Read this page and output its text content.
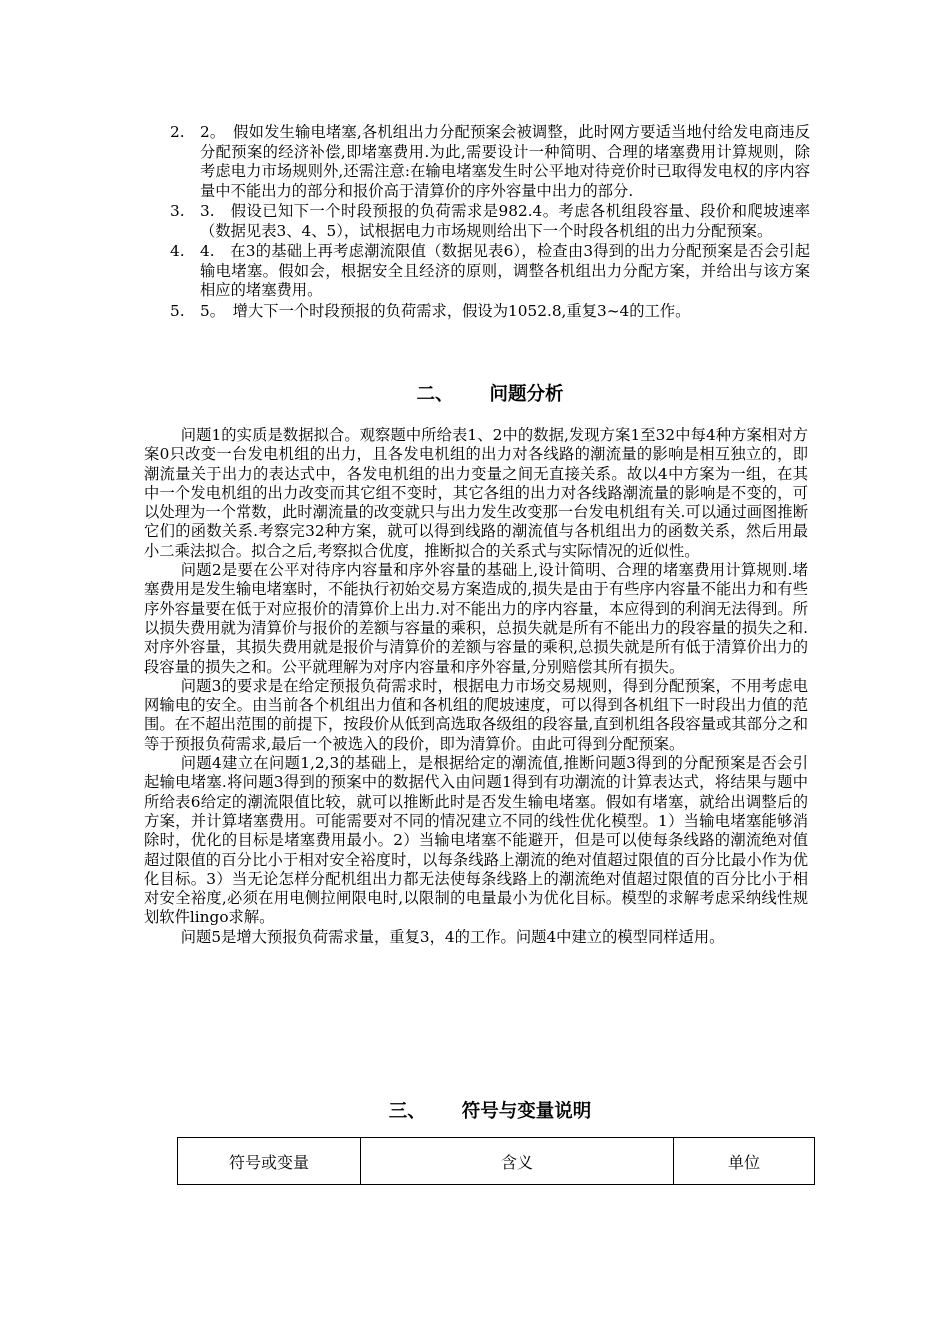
2. 2。　假如发生输电堵塞,各机组出力分配预案会被调整，此时网方要适当地付给发电商违反分配预案的经济补偿,即堵塞费用.为此,需要设计一种简明、合理的堵塞费用计算规则，除考虑电力市场规则外,还需注意:在输电堵塞发生时公平地对待竞价时已取得发电权的序内容量中不能出力的部分和报价高于清算价的序外容量中出力的部分.
3. 3.　假设已知下一个时段预报的负荷需求是982.4。考虑各机组段容量、段价和爬坡速率（数据见表3、4、5），试根据电力市场规则给出下一个时段各机组的出力分配预案。
4. 4.　在3的基础上再考虑潮流限值（数据见表6），检查由3得到的出力分配预案是否会引起输电堵塞。假如会，根据安全且经济的原则，调整各机组出力分配方案，并给出与该方案相应的堵塞费用。
5. 5。　增大下一个时段预报的负荷需求，假设为1052.8,重复3~4的工作。
二、 问题分析

问题1的实质是数据拟合。观察题中所给表1、2中的数据,发现方案1至32中每4种方案相对方案0只改变一台发电机组的出力，且各发电机组的出力对各线路的潮流量的影响是相互独立的，即潮流量关于出力的表达式中，各发电机组的出力变量之间无直接关系。故以4中方案为一组，在其中一个发电机组的出力改变而其它组不变时，其它各组的出力对各线路潮流量的影响是不变的，可以处理为一个常数，此时潮流量的改变就只与出力发生改变那一台发电机组有关.可以通过画图推断它们的函数关系.考察完32种方案，就可以得到线路的潮流值与各机组出力的函数关系，然后用最小二乘法拟合。拟合之后,考察拟合优度，推断拟合的关系式与实际情况的近似性。

问题2是要在公平对待序内容量和序外容量的基础上,设计简明、合理的堵塞费用计算规则.堵塞费用是发生输电堵塞时，不能执行初始交易方案造成的,损失是由于有些序内容量不能出力和有些序外容量要在低于对应报价的清算价上出力.对不能出力的序内容量，本应得到的利润无法得到。所以损失费用就为清算价与报价的差额与容量的乘积，总损失就是所有不能出力的段容量的损失之和.对序外容量，其损失费用就是报价与清算价的差额与容量的乘积,总损失就是所有低于清算价出力的段容量的损失之和。公平就理解为对序内容量和序外容量,分别赔偿其所有损失。

问题3的要求是在给定预报负荷需求时，根据电力市场交易规则，得到分配预案，不用考虑电网输电的安全。由当前各个机组出力值和各机组的爬坡速度，可以得到各机组下一时段出力值的范围。在不超出范围的前提下，按段价从低到高选取各级组的段容量,直到机组各段容量或其部分之和等于预报负荷需求,最后一个被选入的段价，即为清算价。由此可得到分配预案。

问题4建立在问题1,2,3的基础上，是根据给定的潮流值,推断问题3得到的分配预案是否会引起输电堵塞.将问题3得到的预案中的数据代入由问题1得到有功潮流的计算表达式，将结果与题中所给表6给定的潮流限值比较，就可以推断此时是否发生输电堵塞。假如有堵塞，就给出调整后的方案，并计算堵塞费用。可能需要对不同的情况建立不同的线性优化模型。1）当输电堵塞能够消除时，优化的目标是堵塞费用最小。2）当输电堵塞不能避开，但是可以使每条线路的潮流绝对值超过限值的百分比小于相对安全裕度时，以每条线路上潮流的绝对值超过限值的百分比最小作为优化目标。3）当无论怎样分配机组出力都无法使每条线路上的潮流绝对值超过限值的百分比小于相对安全裕度,必须在用电侧拉闸限电时,以限制的电量最小为优化目标。模型的求解考虑采纳线性规划软件lingo求解。

问题5是增大预报负荷需求量，重复3，4的工作。问题4中建立的模型同样适用。

三、 符号与变量说明
符号或变量	含义	单位
